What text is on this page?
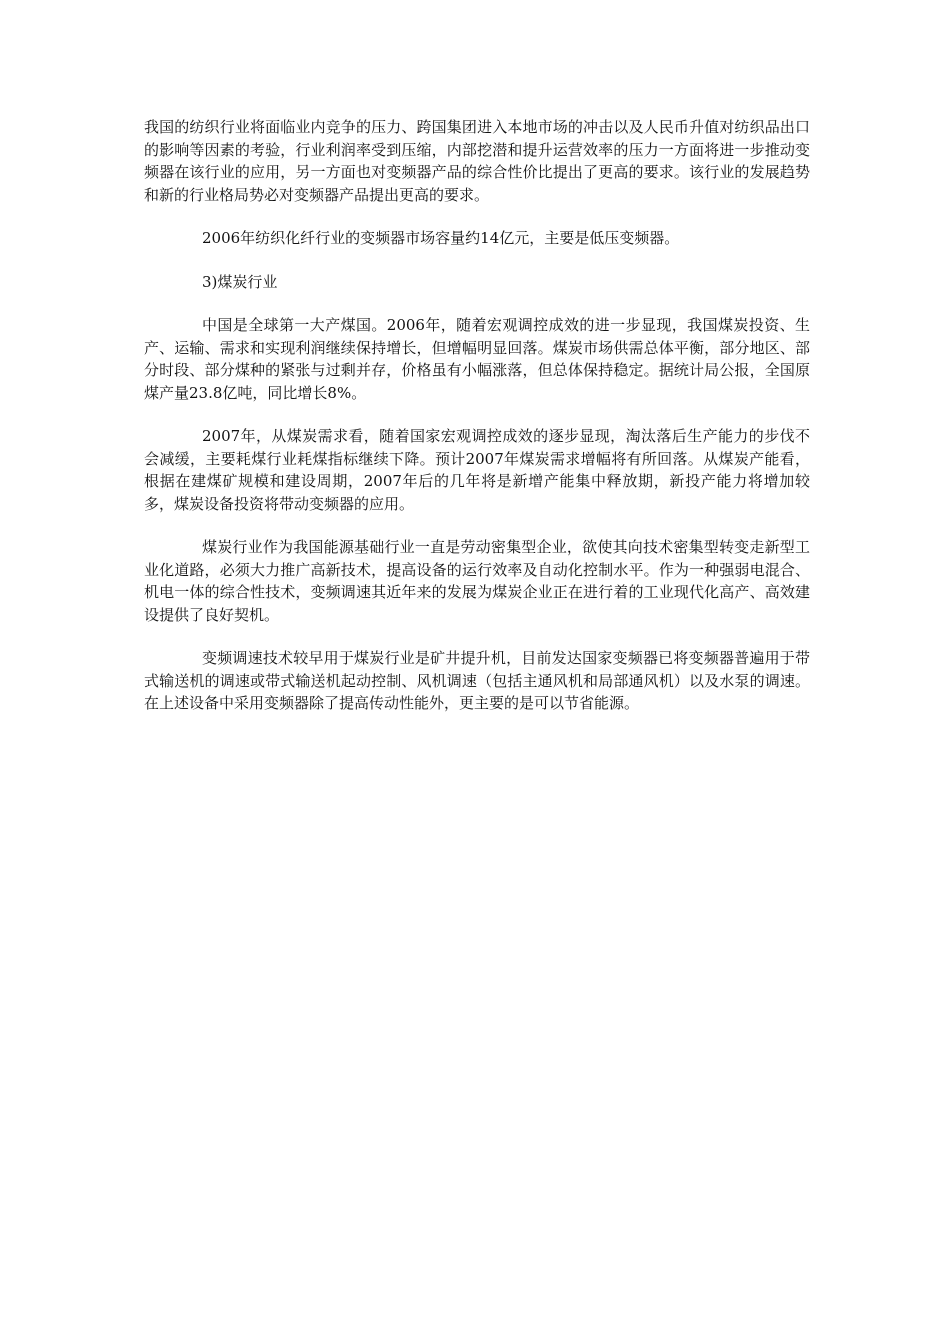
我国的纺织行业将面临业内竞争的压力、跨国集团进入本地市场的冲击以及人民币升值对纺织品出口的影响等因素的考验，行业利润率受到压缩，内部挖潜和提升运营效率的压力一方面将进一步推动变频器在该行业的应用，另一方面也对变频器产品的综合性价比提出了更高的要求。该行业的发展趋势和新的行业格局势必对变频器产品提出更高的要求。

2006年纺织化纤行业的变频器市场容量约14亿元，主要是低压变频器。

3)煤炭行业

中国是全球第一大产煤国。2006年，随着宏观调控成效的进一步显现，我国煤炭投资、生产、运输、需求和实现利润继续保持增长，但增幅明显回落。煤炭市场供需总体平衡，部分地区、部分时段、部分煤种的紧张与过剩并存，价格虽有小幅涨落，但总体保持稳定。据统计局公报，全国原煤产量23.8亿吨，同比增长8%。

2007年，从煤炭需求看，随着国家宏观调控成效的逐步显现，淘汰落后生产能力的步伐不会减缓，主要耗煤行业耗煤指标继续下降。预计2007年煤炭需求增幅将有所回落。从煤炭产能看，根据在建煤矿规模和建设周期，2007年后的几年将是新增产能集中释放期，新投产能力将增加较多，煤炭设备投资将带动变频器的应用。

煤炭行业作为我国能源基础行业一直是劳动密集型企业，欲使其向技术密集型转变走新型工业化道路，必须大力推广高新技术，提高设备的运行效率及自动化控制水平。作为一种强弱电混合、机电一体的综合性技术，变频调速其近年来的发展为煤炭企业正在进行着的工业现代化高产、高效建设提供了良好契机。

变频调速技术较早用于煤炭行业是矿井提升机，目前发达国家变频器已将变频器普遍用于带式输送机的调速或带式输送机起动控制、风机调速（包括主通风机和局部通风机）以及水泵的调速。在上述设备中采用变频器除了提高传动性能外，更主要的是可以节省能源。
